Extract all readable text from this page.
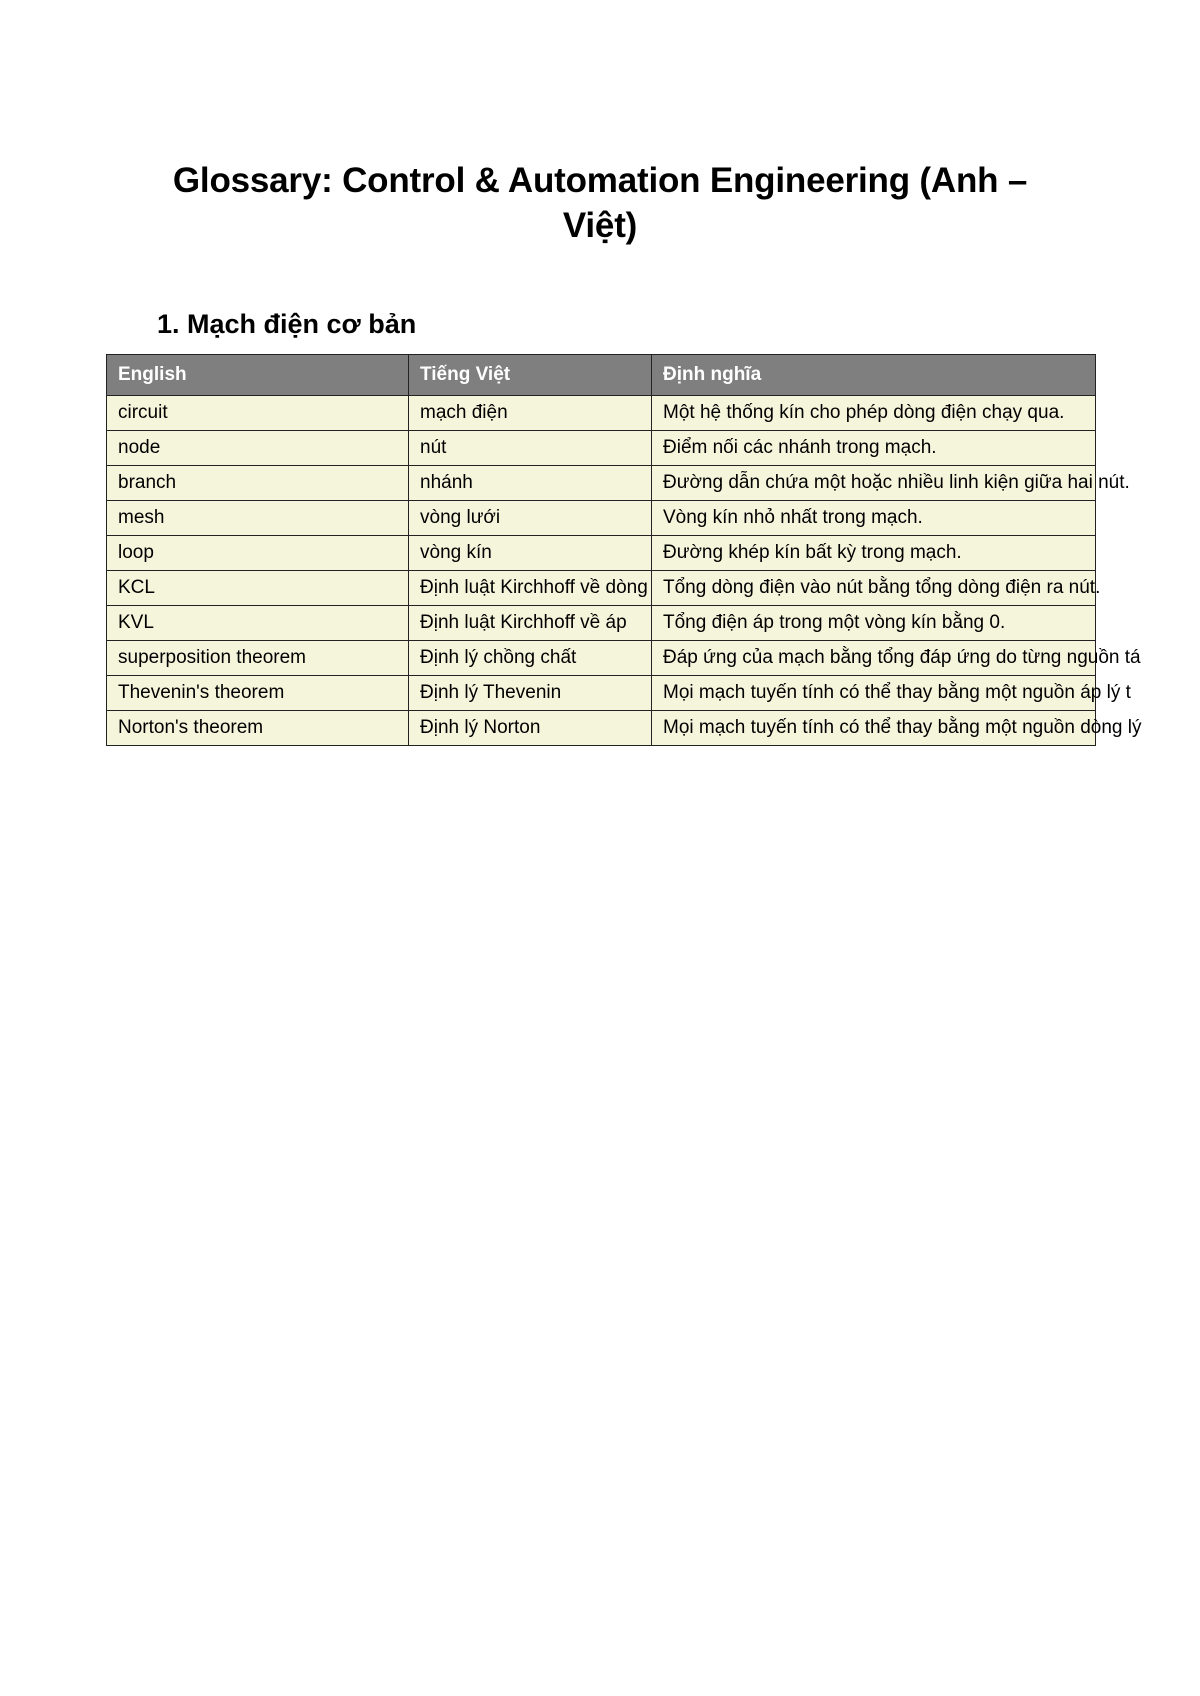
Glossary: Control & Automation Engineering (Anh – Việt)
1. Mạch điện cơ bản
English	Tiếng Việt	Định nghĩa
circuit	mạch điện	Một hệ thống kín cho phép dòng điện chạy qua.
node	nút	Điểm nối các nhánh trong mạch.
branch	nhánh	Đường dẫn chứa một hoặc nhiều linh kiện giữa hai nút.
mesh	vòng lưới	Vòng kín nhỏ nhất trong mạch.
loop	vòng kín	Đường khép kín bất kỳ trong mạch.
KCL	Định luật Kirchhoff về dòng	Tổng dòng điện vào nút bằng tổng dòng điện ra nút.
KVL	Định luật Kirchhoff về áp	Tổng điện áp trong một vòng kín bằng 0.
superposition theorem	Định lý chồng chất	Đáp ứng của mạch bằng tổng đáp ứng do từng nguồn tá
Thevenin's theorem	Định lý Thevenin	Mọi mạch tuyến tính có thể thay bằng một nguồn áp lý t
Norton's theorem	Định lý Norton	Mọi mạch tuyến tính có thể thay bằng một nguồn dòng lý
